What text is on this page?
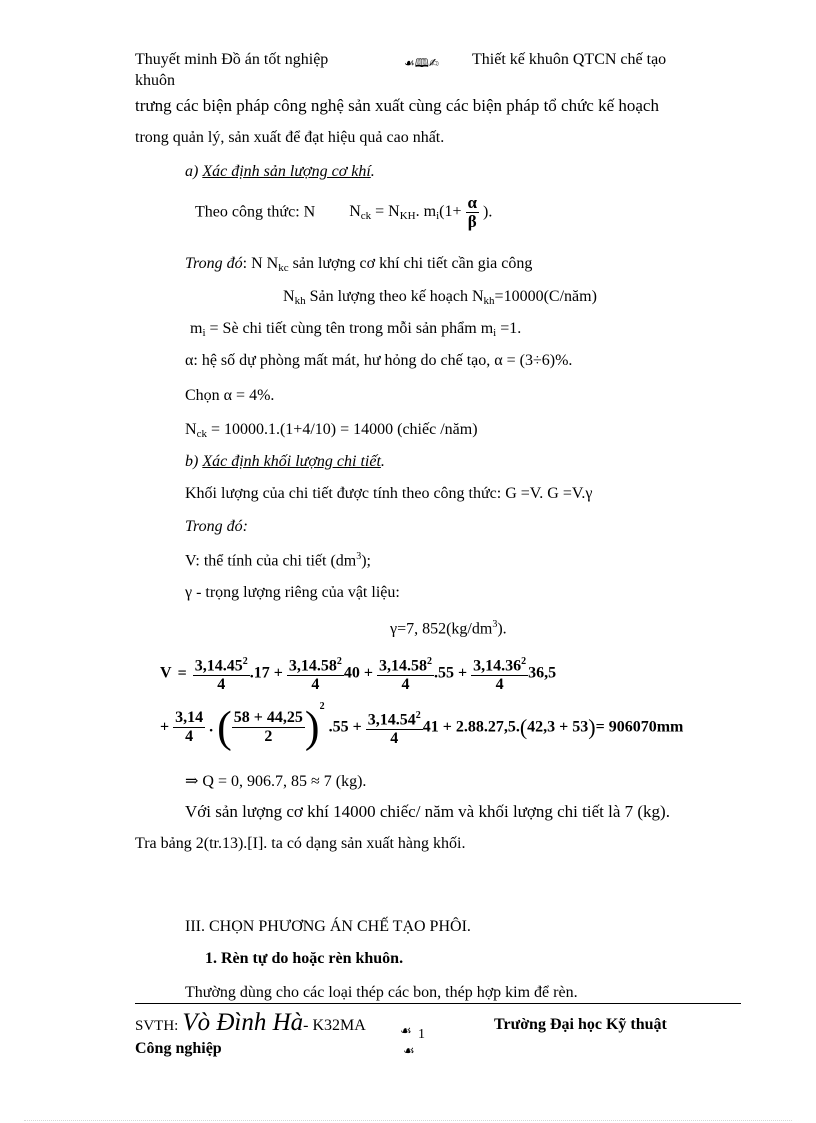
Thuyết minh Đồ án tốt nghiệp	☙🕮✍ Thiết kế khuôn QTCN chế tạo
khuôn
trưng các biện pháp công nghệ sản xuất cùng các biện pháp tổ chức kế hoạch
trong quản lý, sản xuất để đạt hiệu quả cao nhất.
a) Xác định sản lượng cơ khí.
Theo công thức: N $N_{ck} = N_{KH}$. $m_i(1+ \frac{\alpha}{\beta}$ ).
Trong đó: N $N_{kc}$ sản lượng cơ khí chi tiết cần gia công
$N_{kh}$ Sản lượng theo kế hoạch $N_{kh}=10000(C/năm)$
$m_i$ = Sè chi tiết cùng tên trong mỗi sản phẩm $m_i =1$.
α: hệ số dự phòng mất mát, hư hỏng do chế tạo, α = (3÷6)%.
Chọn α = 4%.
$N_{ck} = 10000.1.(1+4/10) = 14000$ (chiếc /năm)
b) Xác định khối lượng chi tiết.
Khối lượng của chi tiết được tính theo công thức: G =V. G =V.γ
Trong đó:
V: thể tính của chi tiết $(dm^3)$;
γ - trọng lượng riêng của vật liệu:
γ=7, $852(kg/dm^3)$.
$V = \frac{3,14.45^2}{4} .17 + \frac{3,14.58^2}{4} 40 + \frac{3,14.58^2}{4} .55 + \frac{3,14.36^2}{4} 36,5$
+ $\frac{3,14}{4}$ . ( $\frac{58 + 44,25}{2} )^2$ $.55 + \frac{3,14.54^2}{4} 41 + 2.88.27,5.(42,3 + 53)= 906070mm$
⇒ Q = 0, 906.7, 85 ≈ 7 (kg).
Với sản lượng cơ khí 14000 chiếc/ năm và khối lượng chi tiết là 7 (kg).
Tra bảng 2(tr.13).[I]. ta có dạng sản xuất hàng khối.
III. CHỌN PHƯƠNG ÁN CHẾ TẠO PHÔI.
1. Rèn tự do hoặc rèn khuôn.
Thường dùng cho các loại thép các bon, thép hợp kim để rèn.
SVTH: Vò Đình Hà- K32MA	☙ 1
☙
Trường Đại học Kỹ thuật
Công nghiệp
